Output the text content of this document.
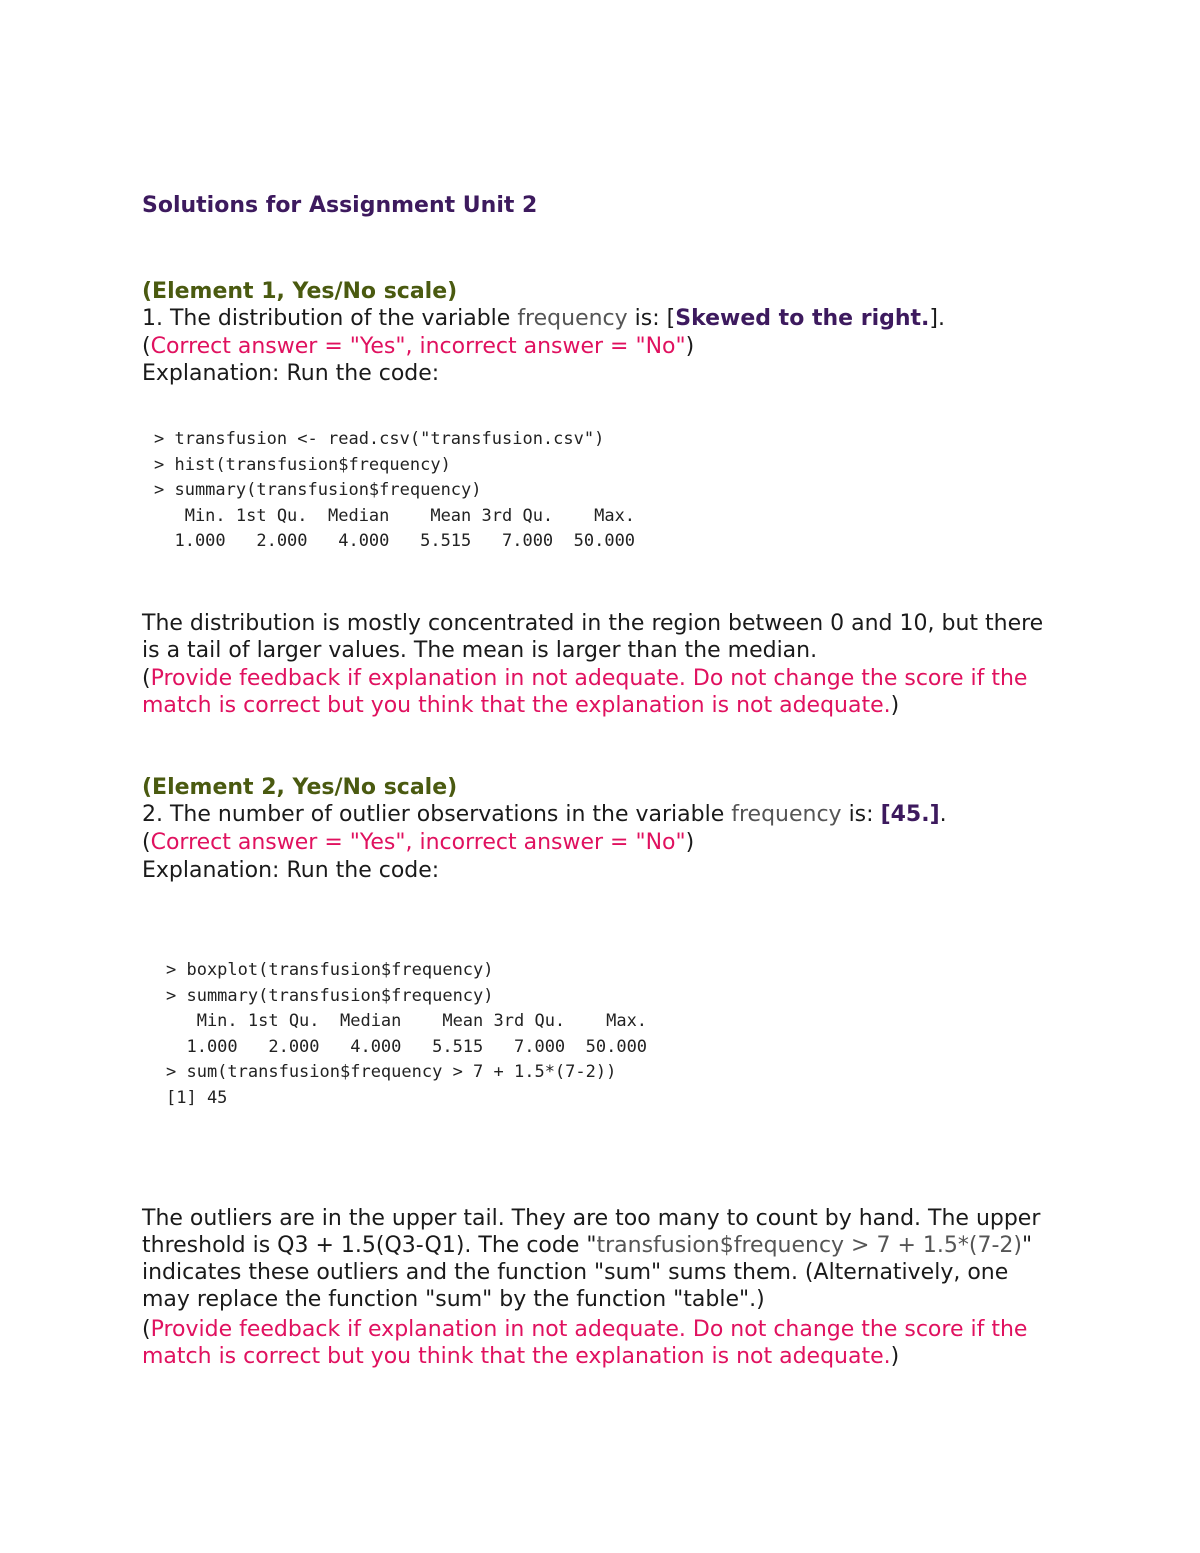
Solutions for Assignment Unit 2
(Element 1, Yes/No scale)
1. The distribution of the variable frequency is: [Skewed to the right.].
(Correct answer = "Yes", incorrect answer = "No")
Explanation: Run the code:
> transfusion <- read.csv("transfusion.csv")
> hist(transfusion$frequency)
> summary(transfusion$frequency)
Min. 1st Qu.  Median    Mean 3rd Qu.    Max.
1.000   2.000   4.000   5.515   7.000  50.000
The distribution is mostly concentrated in the region between 0 and 10, but there is a tail of larger values. The mean is larger than the median.
(Provide feedback if explanation in not adequate. Do not change the score if the match is correct but you think that the explanation is not adequate.)
(Element 2, Yes/No scale)
2. The number of outlier observations in the variable frequency is: [45.].
(Correct answer = "Yes", incorrect answer = "No")
Explanation: Run the code:
> boxplot(transfusion$frequency)
> summary(transfusion$frequency)
Min. 1st Qu.  Median    Mean 3rd Qu.    Max.
1.000   2.000   4.000   5.515   7.000  50.000
> sum(transfusion$frequency > 7 + 1.5*(7-2))
[1] 45
The outliers are in the upper tail. They are too many to count by hand. The upper threshold is Q3 + 1.5(Q3-Q1). The code "transfusion$frequency > 7 + 1.5*(7-2)" indicates these outliers and the function "sum" sums them. (Alternatively, one may replace the function "sum" by the function "table".)
(Provide feedback if explanation in not adequate. Do not change the score if the match is correct but you think that the explanation is not adequate.)
